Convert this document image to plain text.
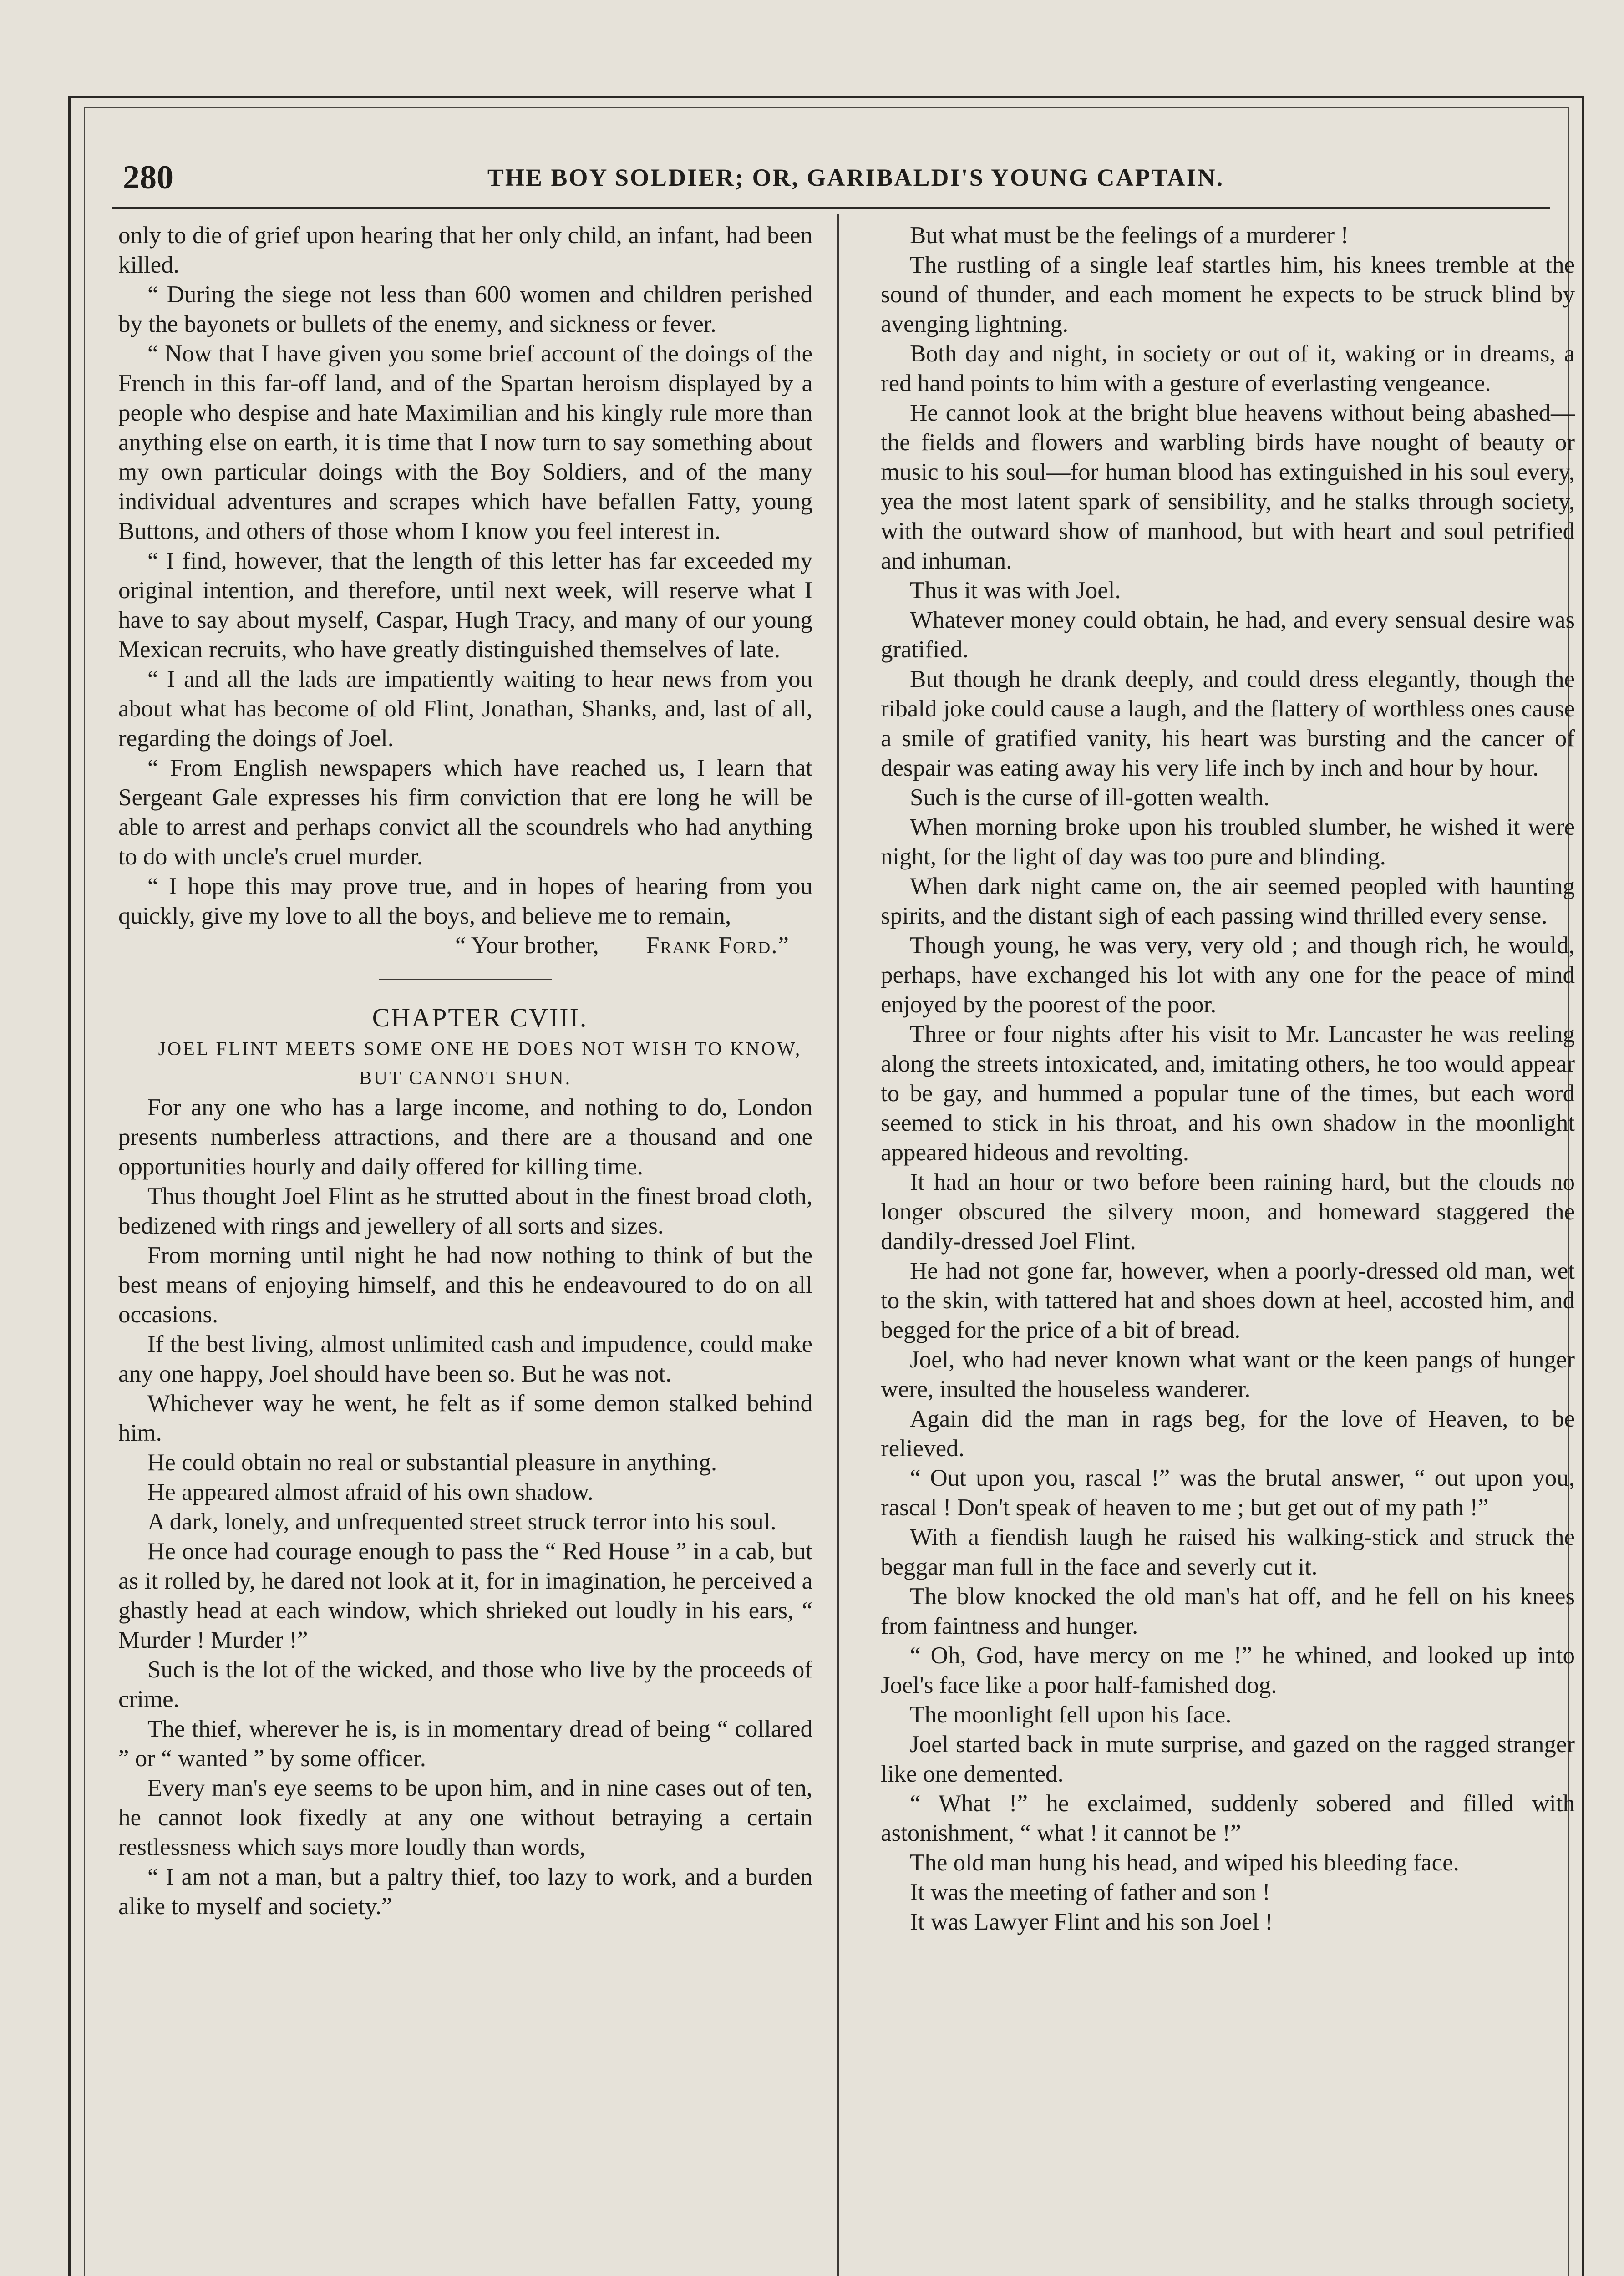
280	THE BOY SOLDIER; OR, GARIBALDI'S YOUNG CAPTAIN.

only to die of grief upon hearing that her only child, an infant, had been killed.

“ During the siege not less than 600 women and children perished by the bayonets or bullets of the enemy, and sickness or fever.

“ Now that I have given you some brief account of the doings of the French in this far-off land, and of the Spartan heroism displayed by a people who despise and hate Maximilian and his kingly rule more than anything else on earth, it is time that I now turn to say something about my own particular doings with the Boy Soldiers, and of the many individual adventures and scrapes which have befallen Fatty, young Buttons, and others of those whom I know you feel interest in.

“ I find, however, that the length of this letter has far exceeded my original intention, and therefore, until next week, will reserve what I have to say about myself, Caspar, Hugh Tracy, and many of our young Mexican recruits, who have greatly distinguished themselves of late.

“ I and all the lads are impatiently waiting to hear news from you about what has become of old Flint, Jonathan, Shanks, and, last of all, regarding the doings of Joel.

“ From English newspapers which have reached us, I learn that Sergeant Gale expresses his firm conviction that ere long he will be able to arrest and perhaps convict all the scoundrels who had anything to do with uncle's cruel murder.

“ I hope this may prove true, and in hopes of hearing from you quickly, give my love to all the boys, and believe me to remain,

“ Your brother, Frank Ford.”

CHAPTER CVIII.

JOEL FLINT MEETS SOME ONE HE DOES NOT WISH TO KNOW, BUT CANNOT SHUN.

For any one who has a large income, and nothing to do, London presents numberless attractions, and there are a thousand and one opportunities hourly and daily offered for killing time.

Thus thought Joel Flint as he strutted about in the finest broad cloth, bedizened with rings and jewellery of all sorts and sizes.

From morning until night he had now nothing to think of but the best means of enjoying himself, and this he endeavoured to do on all occasions.

If the best living, almost unlimited cash and impudence, could make any one happy, Joel should have been so. But he was not.

Whichever way he went, he felt as if some demon stalked behind him.

He could obtain no real or substantial pleasure in anything.

He appeared almost afraid of his own shadow.

A dark, lonely, and unfrequented street struck terror into his soul.

He once had courage enough to pass the “ Red House ” in a cab, but as it rolled by, he dared not look at it, for in imagination, he perceived a ghastly head at each window, which shrieked out loudly in his ears, “ Murder ! Murder !”

Such is the lot of the wicked, and those who live by the proceeds of crime.

The thief, wherever he is, is in momentary dread of being “ collared ” or “ wanted ” by some officer.

Every man's eye seems to be upon him, and in nine cases out of ten, he cannot look fixedly at any one without betraying a certain restlessness which says more loudly than words,

“ I am not a man, but a paltry thief, too lazy to work, and a burden alike to myself and society.”

But what must be the feelings of a murderer !

The rustling of a single leaf startles him, his knees tremble at the sound of thunder, and each moment he expects to be struck blind by avenging lightning.

Both day and night, in society or out of it, waking or in dreams, a red hand points to him with a gesture of everlasting vengeance.

He cannot look at the bright blue heavens without being abashed—the fields and flowers and warbling birds have nought of beauty or music to his soul—for human blood has extinguished in his soul every, yea the most latent spark of sensibility, and he stalks through society, with the outward show of manhood, but with heart and soul petrified and inhuman.

Thus it was with Joel.

Whatever money could obtain, he had, and every sensual desire was gratified.

But though he drank deeply, and could dress elegantly, though the ribald joke could cause a laugh, and the flattery of worthless ones cause a smile of gratified vanity, his heart was bursting and the cancer of despair was eating away his very life inch by inch and hour by hour.

Such is the curse of ill-gotten wealth.

When morning broke upon his troubled slumber, he wished it were night, for the light of day was too pure and blinding.

When dark night came on, the air seemed peopled with haunting spirits, and the distant sigh of each passing wind thrilled every sense.

Though young, he was very, very old ; and though rich, he would, perhaps, have exchanged his lot with any one for the peace of mind enjoyed by the poorest of the poor.

Three or four nights after his visit to Mr. Lancaster he was reeling along the streets intoxicated, and, imitating others, he too would appear to be gay, and hummed a popular tune of the times, but each word seemed to stick in his throat, and his own shadow in the moonlight appeared hideous and revolting.

It had an hour or two before been raining hard, but the clouds no longer obscured the silvery moon, and homeward staggered the dandily-dressed Joel Flint.

He had not gone far, however, when a poorly-dressed old man, wet to the skin, with tattered hat and shoes down at heel, accosted him, and begged for the price of a bit of bread.

Joel, who had never known what want or the keen pangs of hunger were, insulted the houseless wanderer.

Again did the man in rags beg, for the love of Heaven, to be relieved.

“ Out upon you, rascal !” was the brutal answer, “ out upon you, rascal ! Don't speak of heaven to me ; but get out of my path !”

With a fiendish laugh he raised his walking-stick and struck the beggar man full in the face and severly cut it.

The blow knocked the old man's hat off, and he fell on his knees from faintness and hunger.

“ Oh, God, have mercy on me !” he whined, and looked up into Joel's face like a poor half-famished dog.

The moonlight fell upon his face.

Joel started back in mute surprise, and gazed on the ragged stranger like one demented.

“ What !” he exclaimed, suddenly sobered and filled with astonishment, “ what ! it cannot be !”

The old man hung his head, and wiped his bleeding face.

It was the meeting of father and son !

It was Lawyer Flint and his son Joel !
